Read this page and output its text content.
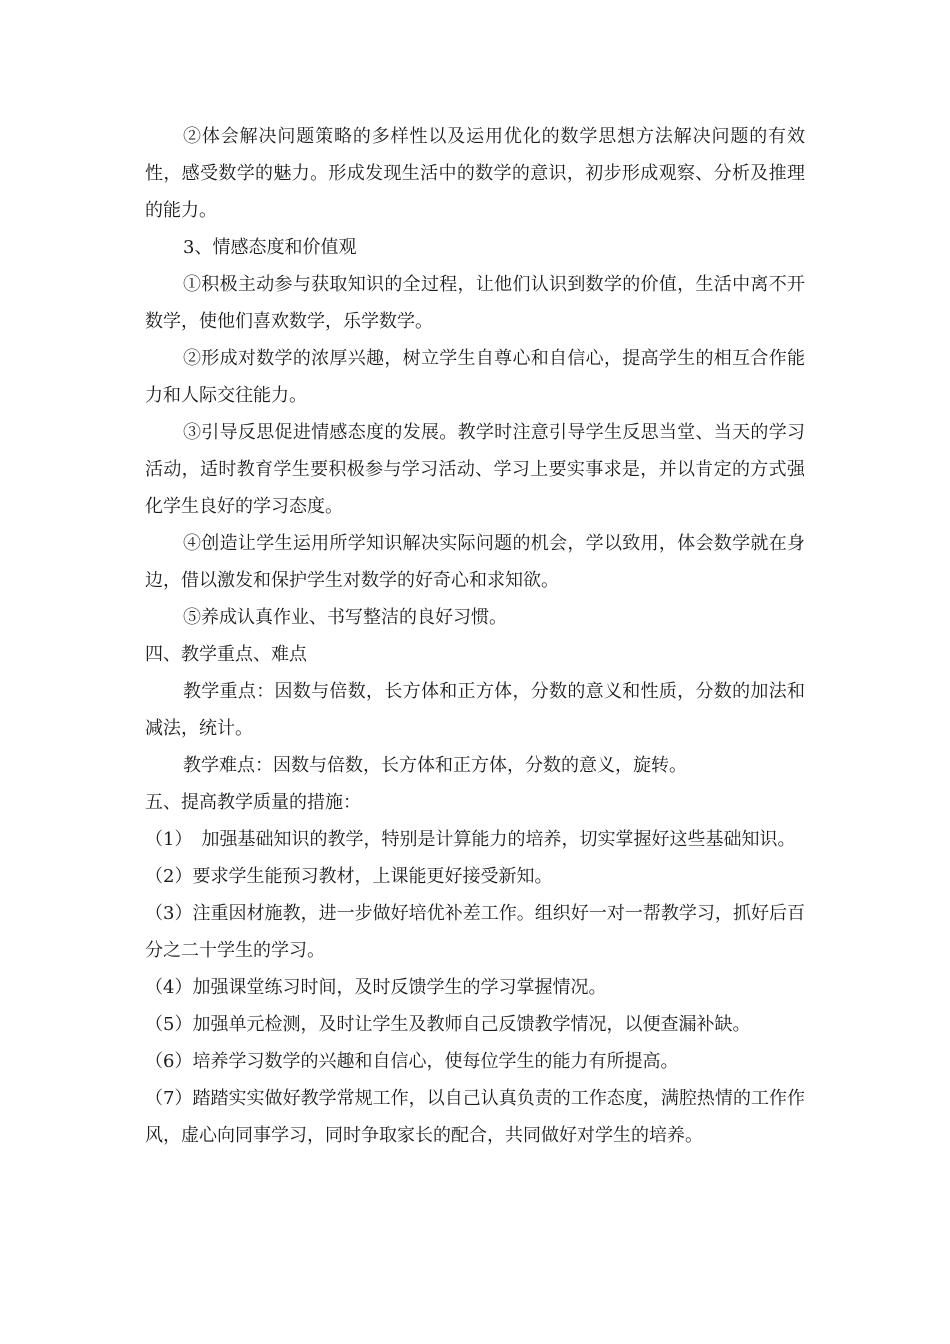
②体会解决问题策略的多样性以及运用优化的数学思想方法解决问题的有效性，感受数学的魅力。形成发现生活中的数学的意识，初步形成观察、分析及推理的能力。

3、情感态度和价值观

①积极主动参与获取知识的全过程，让他们认识到数学的价值，生活中离不开数学，使他们喜欢数学，乐学数学。

②形成对数学的浓厚兴趣，树立学生自尊心和自信心，提高学生的相互合作能力和人际交往能力。

③引导反思促进情感态度的发展。教学时注意引导学生反思当堂、当天的学习活动，适时教育学生要积极参与学习活动、学习上要实事求是，并以肯定的方式强化学生良好的学习态度。

④创造让学生运用所学知识解决实际问题的机会，学以致用，体会数学就在身边，借以激发和保护学生对数学的好奇心和求知欲。

⑤养成认真作业、书写整洁的良好习惯。

四、教学重点、难点

教学重点：因数与倍数，长方体和正方体，分数的意义和性质，分数的加法和减法，统计。

教学难点：因数与倍数，长方体和正方体，分数的意义，旋转。

五、提高教学质量的措施：

（1）　加强基础知识的教学，特别是计算能力的培养，切实掌握好这些基础知识。

（2）要求学生能预习教材，上课能更好接受新知。

（3）注重因材施教，进一步做好培优补差工作。组织好一对一帮教学习，抓好后百分之二十学生的学习。

（4）加强课堂练习时间，及时反馈学生的学习掌握情况。

（5）加强单元检测，及时让学生及教师自己反馈教学情况，以便查漏补缺。

（6）培养学习数学的兴趣和自信心，使每位学生的能力有所提高。

（7）踏踏实实做好教学常规工作，以自己认真负责的工作态度，满腔热情的工作作风，虚心向同事学习，同时争取家长的配合，共同做好对学生的培养。
